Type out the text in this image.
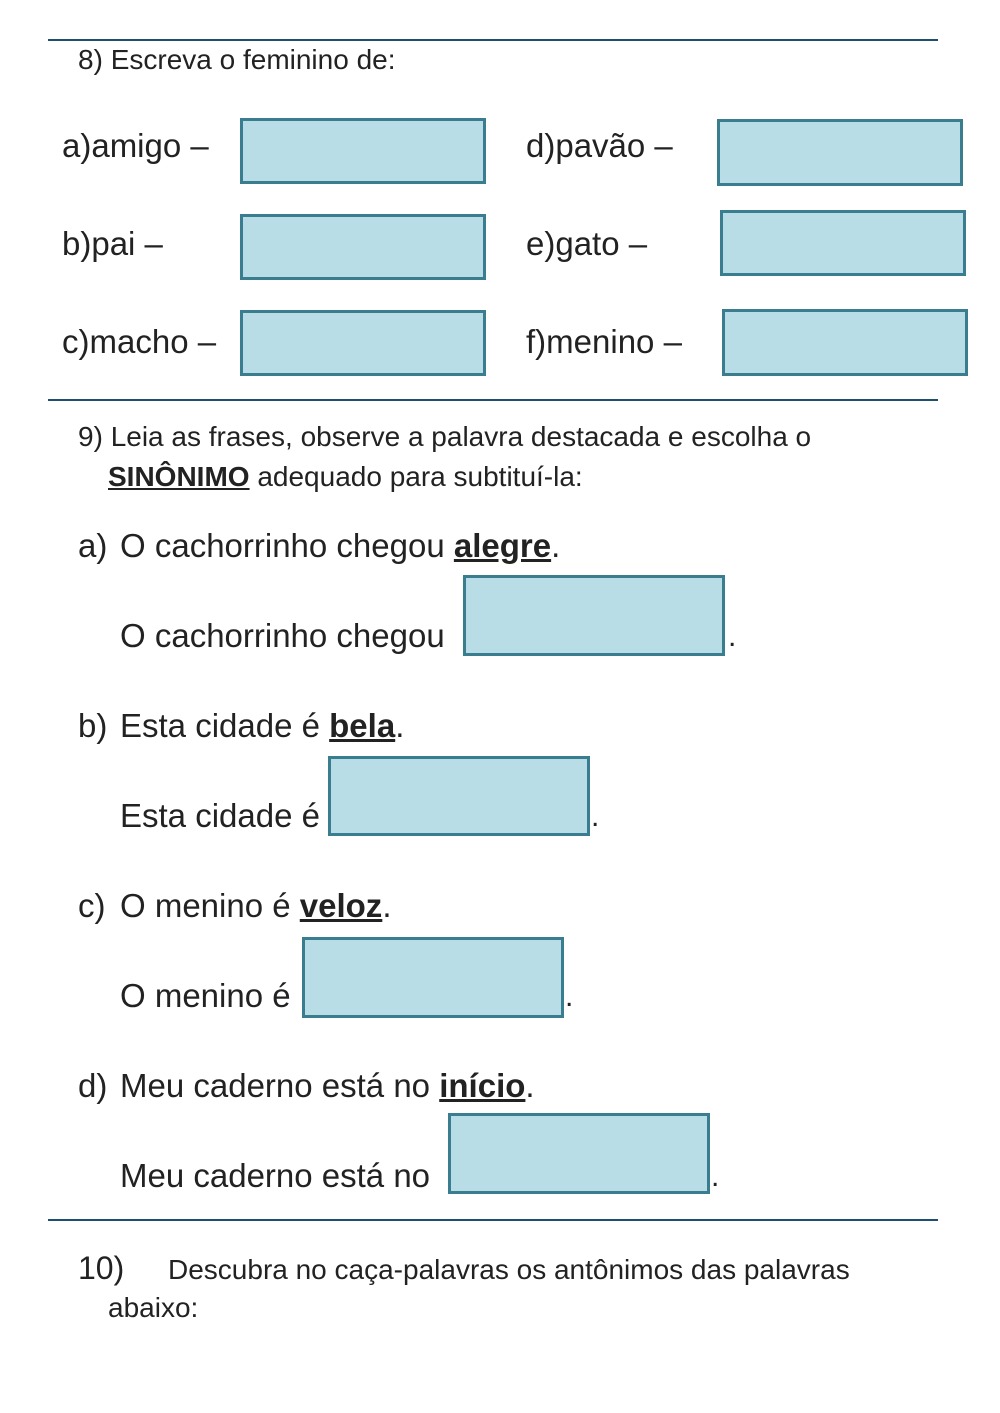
8) Escreva o feminino de:
a)amigo –
b)pai –
c)macho –
d)pavão –
e)gato –
f)menino –
9) Leia as frases, observe a palavra destacada e escolha o
SINÔNIMO adequado para subtituí-la:
a) O cachorrinho chegou alegre.
O cachorrinho chegou	.
b) Esta cidade é bela.
Esta cidade é	.
c) O menino é veloz.
O menino é	.
d) Meu caderno está no início.
Meu caderno está no	.
10) Descubra no caça-palavras os antônimos das palavras
abaixo:
